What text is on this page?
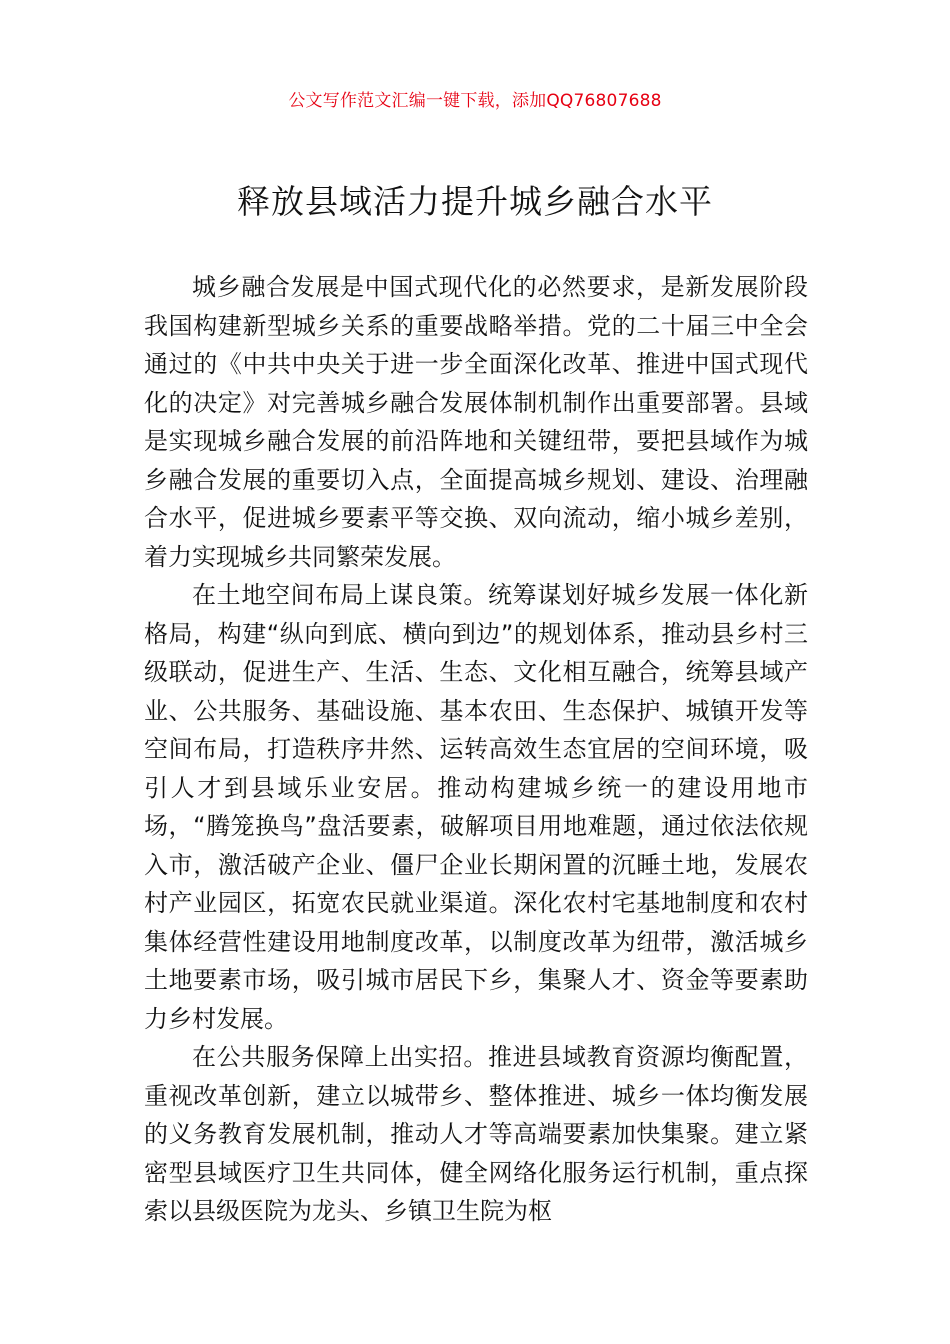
公文写作范文汇编一键下载，添加QQ76807688
释放县域活力提升城乡融合水平

城乡融合发展是中国式现代化的必然要求，是新发展阶段我国构建新型城乡关系的重要战略举措。党的二十届三中全会通过的《中共中央关于进一步全面深化改革、推进中国式现代化的决定》对完善城乡融合发展体制机制作出重要部署。县域是实现城乡融合发展的前沿阵地和关键纽带，要把县域作为城乡融合发展的重要切入点，全面提高城乡规划、建设、治理融合水平，促进城乡要素平等交换、双向流动，缩小城乡差别，着力实现城乡共同繁荣发展。

在土地空间布局上谋良策。统筹谋划好城乡发展一体化新格局，构建“纵向到底、横向到边”的规划体系，推动县乡村三级联动，促进生产、生活、生态、文化相互融合，统筹县域产业、公共服务、基础设施、基本农田、生态保护、城镇开发等空间布局，打造秩序井然、运转高效生态宜居的空间环境，吸引人才到县域乐业安居。推动构建城乡统一的建设用地市场，“腾笼换鸟”盘活要素，破解项目用地难题，通过依法依规入市，激活破产企业、僵尸企业长期闲置的沉睡土地，发展农村产业园区，拓宽农民就业渠道。深化农村宅基地制度和农村集体经营性建设用地制度改革，以制度改革为纽带，激活城乡土地要素市场，吸引城市居民下乡，集聚人才、资金等要素助力乡村发展。

在公共服务保障上出实招。推进县域教育资源均衡配置，重视改革创新，建立以城带乡、整体推进、城乡一体均衡发展的义务教育发展机制，推动人才等高端要素加快集聚。建立紧密型县域医疗卫生共同体，健全网络化服务运行机制，重点探索以县级医院为龙头、乡镇卫生院为枢
